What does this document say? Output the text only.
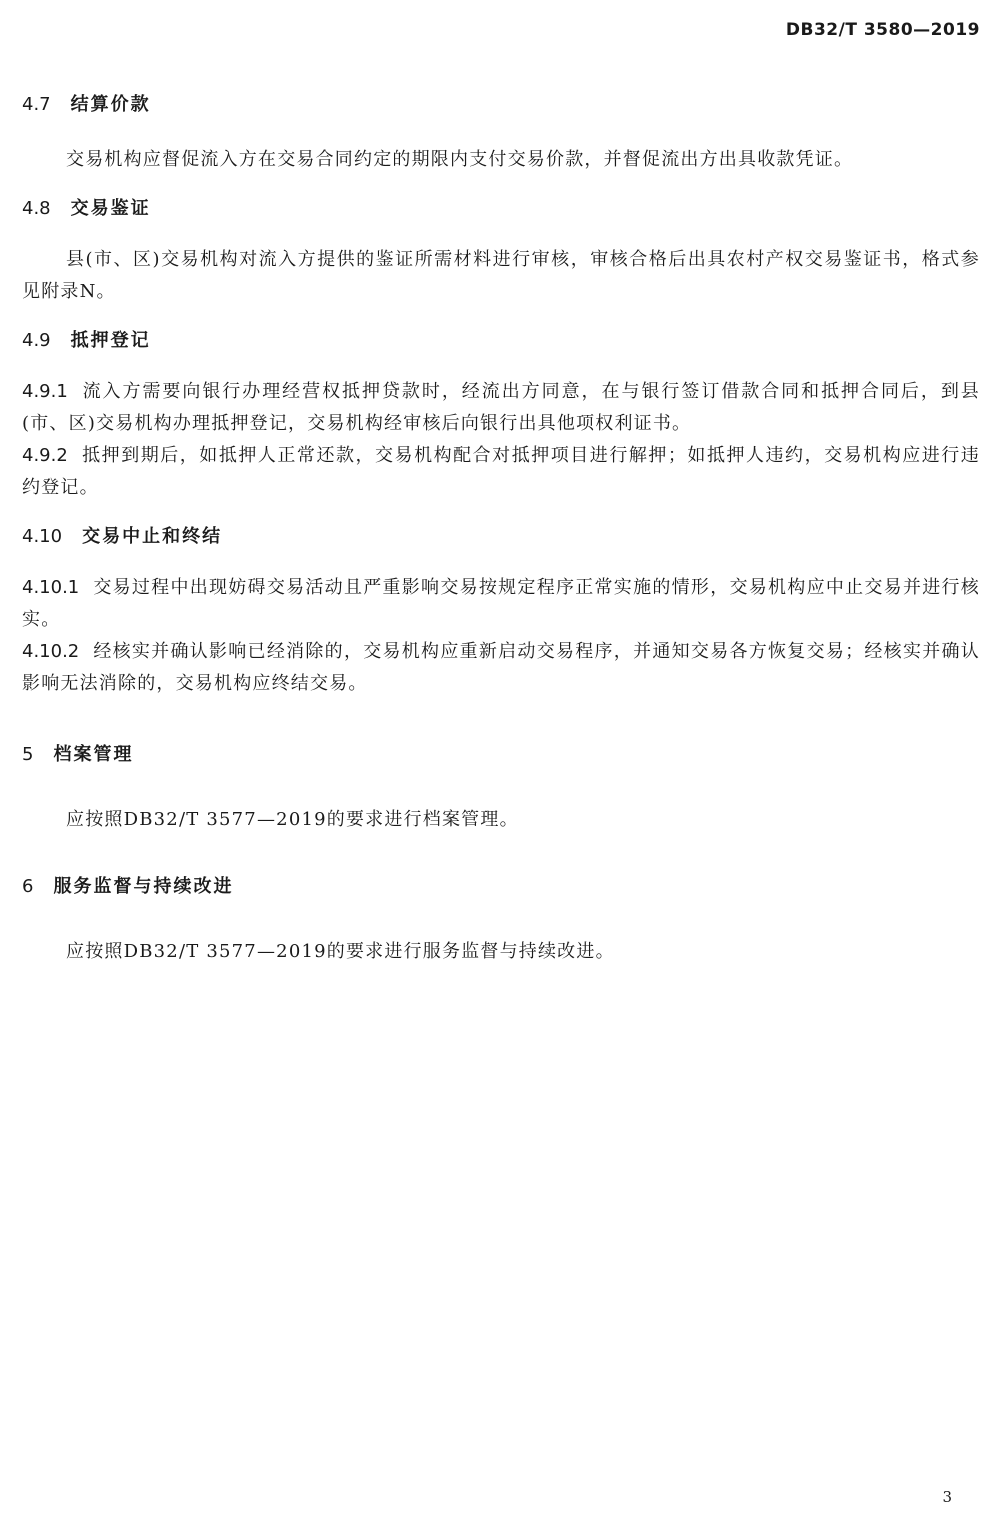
DB32/T 3580—2019
4.7 结算价款
交易机构应督促流入方在交易合同约定的期限内支付交易价款，并督促流出方出具收款凭证。
4.8 交易鉴证
县(市、区)交易机构对流入方提供的鉴证所需材料进行审核，审核合格后出具农村产权交易鉴证书，格式参见附录N。
4.9 抵押登记
4.9.1 流入方需要向银行办理经营权抵押贷款时，经流出方同意，在与银行签订借款合同和抵押合同后，到县(市、区)交易机构办理抵押登记，交易机构经审核后向银行出具他项权利证书。
4.9.2 抵押到期后，如抵押人正常还款，交易机构配合对抵押项目进行解押；如抵押人违约，交易机构应进行违约登记。
4.10 交易中止和终结
4.10.1 交易过程中出现妨碍交易活动且严重影响交易按规定程序正常实施的情形，交易机构应中止交易并进行核实。
4.10.2 经核实并确认影响已经消除的，交易机构应重新启动交易程序，并通知交易各方恢复交易；经核实并确认影响无法消除的，交易机构应终结交易。
5 档案管理
应按照DB32/T 3577—2019的要求进行档案管理。
6 服务监督与持续改进
应按照DB32/T 3577—2019的要求进行服务监督与持续改进。
3
